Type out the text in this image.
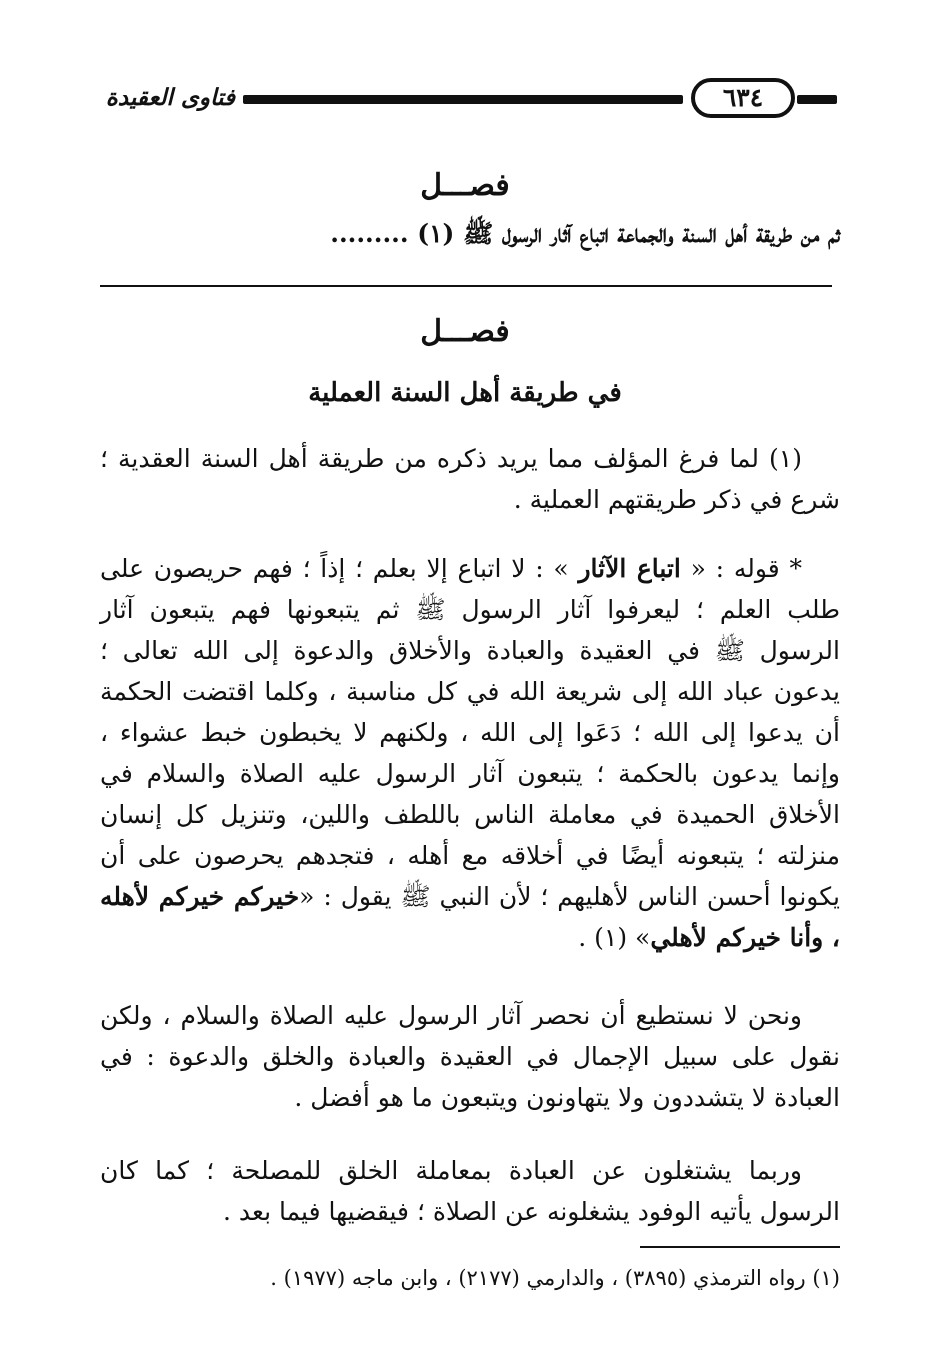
فتاوى العقيدة	٦٣٤
فصـــل
ثم من طريقة أهل السنة والجماعة اتباع آثار الرسول ﷺ (١) .........
فصـــل
في طريقة أهل السنة العملية
(١) لما فرغ المؤلف مما يريد ذكره من طريقة أهل السنة العقدية ؛ شرع في ذكر طريقتهم العملية .
* قوله : « اتباع الآثار » : لا اتباع إلا بعلم ؛ إذاً ؛ فهم حريصون على طلب العلم ؛ ليعرفوا آثار الرسول ﷺ ثم يتبعونها فهم يتبعون آثار الرسول ﷺ في العقيدة والعبادة والأخلاق والدعوة إلى الله تعالى ؛ يدعون عباد الله إلى شريعة الله في كل مناسبة ، وكلما اقتضت الحكمة أن يدعوا إلى الله ؛ دَعَوا إلى الله ، ولكنهم لا يخبطون خبط عشواء ، وإنما يدعون بالحكمة ؛ يتبعون آثار الرسول عليه الصلاة والسلام في الأخلاق الحميدة في معاملة الناس باللطف واللين، وتنزيل كل إنسان منزلته ؛ يتبعونه أيضًا في أخلاقه مع أهله ، فتجدهم يحرصون على أن يكونوا أحسن الناس لأهليهم ؛ لأن النبي ﷺ يقول : «خيركم خيركم لأهله ، وأنا خيركم لأهلي» (١) .
ونحن لا نستطيع أن نحصر آثار الرسول عليه الصلاة والسلام ، ولكن نقول على سبيل الإجمال في العقيدة والعبادة والخلق والدعوة : في العبادة لا يتشددون ولا يتهاونون ويتبعون ما هو أفضل .
وربما يشتغلون عن العبادة بمعاملة الخلق للمصلحة ؛ كما كان الرسول يأتيه الوفود يشغلونه عن الصلاة ؛ فيقضيها فيما بعد .
(١) رواه الترمذي (٣٨٩٥) ، والدارمي (٢١٧٧) ، وابن ماجه (١٩٧٧) .
